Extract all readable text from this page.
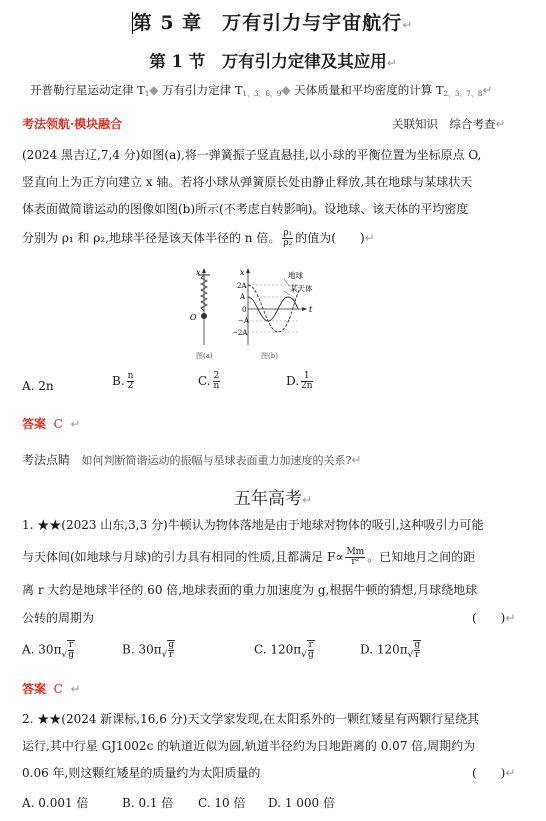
第 5 章　万有引力与宇宙航行↵
第 1 节　万有引力定律及其应用↵
开普勒行星运动定律 $T_1◆$ 万有引力定律 $T_{1、3、6、9}◆$ 天体质量和平均密度的计算 $T_{2、3、7、8}↵$
考法领航·模块融合	关联知识　综合考查↵
(2024 黑吉辽,7,4 分)如图(a),将一弹簧振子竖直悬挂,以小球的平衡位置为坐标原点 O,
竖直向上为正方向建立 x 轴。若将小球从弹簧原长处由静止释放,其在地球与某球状天
体表面做简谐运动的图像如图(b)所示(不考虑自转影响)。设地球、该天体的平均密度
分别为 ρ₁ 和 ρ₂,地球半径是该天体半径的 n 倍。 $\frac{\text{ρ₁}}{\text{ρ₂}}$ 的值为(　　)↵
x
O
图(a)
x
t
2A
A
0
−A
−2A
地球
某天体
图(b)
A. 2n	B. $\frac{n}{2}$	C. $\frac{2}{n}$	D. $\frac{1}{2n}$
答案 C ↵
考法点睛 如何判断简谐运动的振幅与星球表面重力加速度的关系?↵
五年高考↵
1. ★★(2023 山东,3,3 分)牛顿认为物体落地是由于地球对物体的吸引,这种吸引力可能
与天体间(如地球与月球)的引力具有相同的性质,且都满足 $F\propto \frac{Mm}{\text{r²}}$ 。已知地月之间的距
离 r 大约是地球半径的 60 倍,地球表面的重力加速度为 g,根据牛顿的猜想,月球绕地球
公转的周期为	(　　)↵
A. $30\pi√ \frac{r}{g}$	B. $30\pi√ \frac{g}{r}$	C. $120\pi√ \frac{r}{g}$	D. $120\pi√ \frac{g}{r}$
答案 C ↵
2. ★★(2024 新课标,16,6 分)天文学家发现,在太阳系外的一颗红矮星有两颗行星绕其
运行,其中行星 GJ1002c 的轨道近似为圆,轨道半径约为日地距离的 0.07 倍,周期约为
0.06 年,则这颗红矮星的质量约为太阳质量的	(　　)↵
A. 0.001 倍	B. 0.1 倍 C. 10 倍 D. 1 000 倍
